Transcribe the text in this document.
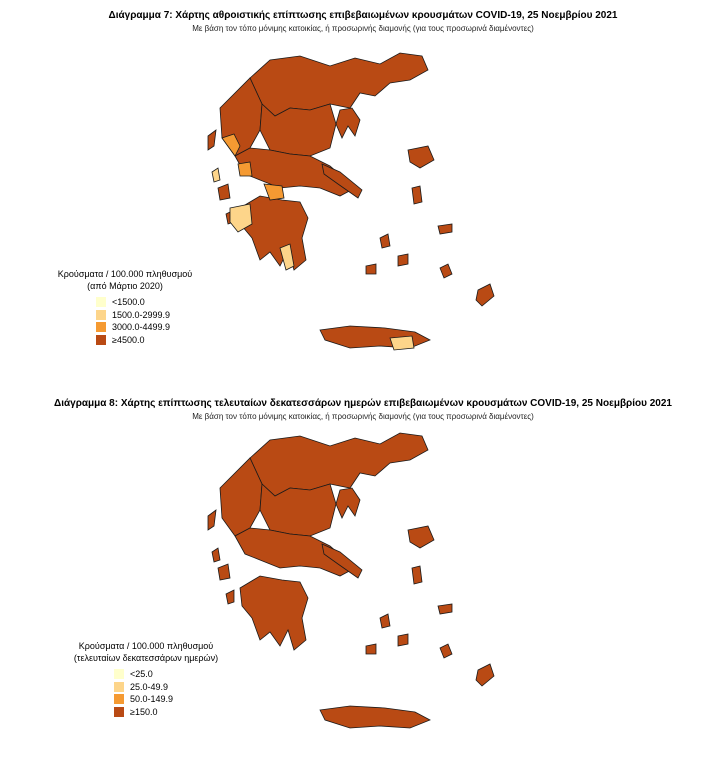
Διάγραμμα 7: Χάρτης αθροιστικής επίπτωσης επιβεβαιωμένων κρουσμάτων COVID-19, 25 Νοεμβρίου 2021
Με βάση τον τόπο μόνιμης κατοικίας, ή προσωρινής διαμονής (για τους προσωρινά διαμένοντες)
Κρούσματα / 100.000 πληθυσμού
(από Μάρτιο 2020)
<1500.0
1500.0-2999.9
3000.0-4499.9
≥4500.0
Διάγραμμα 8: Χάρτης επίπτωσης τελευταίων δεκατεσσάρων ημερών επιβεβαιωμένων κρουσμάτων COVID-19, 25 Νοεμβρίου 2021
Με βάση τον τόπο μόνιμης κατοικίας, ή προσωρινής διαμονής (για τους προσωρινά διαμένοντες)
Κρούσματα / 100.000 πληθυσμού
(τελευταίων δεκατεσσάρων ημερών)
<25.0
25.0-49.9
50.0-149.9
≥150.0
